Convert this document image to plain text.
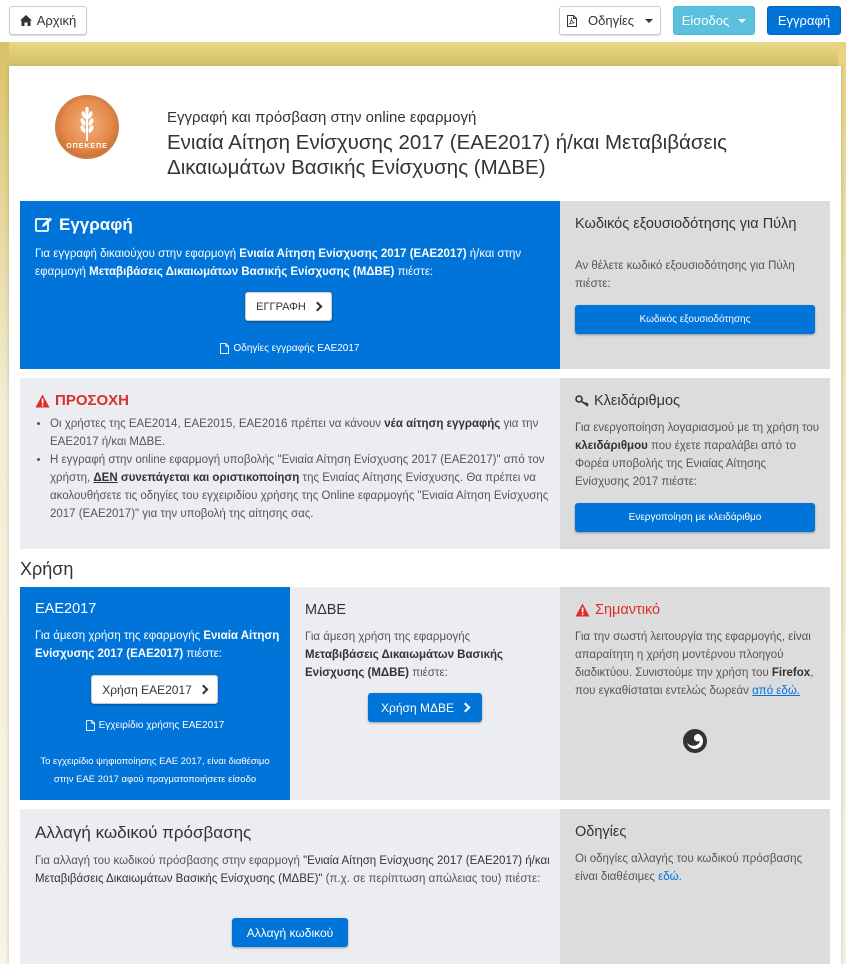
Αρχική	Οδηγίες	Είσοδος	Εγγραφή
ΟΠΕΚΕΠΕ
Εγγραφή και πρόσβαση στην online εφαρμογή
Ενιαία Αίτηση Ενίσχυσης 2017 (ΕΑΕ2017) ή/και Μεταβιβάσεις Δικαιωμάτων Βασικής Ενίσχυσης (ΜΔΒΕ)
Εγγραφή
Για εγγραφή δικαιούχου στην εφαρμογή Ενιαία Αίτηση Ενίσχυσης 2017 (ΕΑΕ2017) ή/και στην εφαρμογή Μεταβιβάσεις Δικαιωμάτων Βασικής Ενίσχυσης (ΜΔΒΕ) πιέστε:
ΕΓΓΡΑΦΗ
Οδηγίες εγγραφής ΕΑΕ2017
Κωδικός εξουσιοδότησης για Πύλη
Αν θέλετε κωδικό εξουσιοδότησης για Πύλη πιέστε:
Κωδικός εξουσιοδότησης
ΠΡΟΣΟΧΗ
• Οι χρήστες της ΕΑΕ2014, ΕΑΕ2015, ΕΑΕ2016 πρέπει να κάνουν νέα αίτηση εγγραφής για την ΕΑΕ2017 ή/και ΜΔΒΕ.
• Η εγγραφή στην online εφαρμογή υποβολής "Ενιαία Αίτηση Ενίσχυσης 2017 (ΕΑΕ2017)" από τον χρήστη, ΔΕΝ συνεπάγεται και οριστικοποίηση της Ενιαίας Αίτησης Ενίσχυσης. Θα πρέπει να ακολουθήσετε τις οδηγίες του εγχειριδίου χρήσης της Online εφαρμογής "Ενιαία Αίτηση Ενίσχυσης 2017 (ΕΑΕ2017)" για την υποβολή της αίτησης σας.
Κλειδάριθμος
Για ενεργοποίηση λογαριασμού με τη χρήση του κλειδάριθμου που έχετε παραλάβει από το Φορέα υποβολής της Ενιαίας Αίτησης Ενίσχυσης 2017 πιέστε:
Ενεργοποίηση με κλειδάριθμο
Χρήση
ΕΑΕ2017
Για άμεση χρήση της εφαρμογής Ενιαία Αίτηση Ενίσχυσης 2017 (ΕΑΕ2017) πιέστε:
Χρήση ΕΑΕ2017
Εγχειρίδιο χρήσης ΕΑΕ2017
Το εγχειρίδιο ψηφιοποίησης ΕΑΕ 2017, είναι διαθέσιμο στην ΕΑΕ 2017 αφού πραγματοποιήσετε είσοδο
ΜΔΒΕ
Για άμεση χρήση της εφαρμογής Μεταβιβάσεις Δικαιωμάτων Βασικής Ενίσχυσης (ΜΔΒΕ) πιέστε:
Χρήση ΜΔΒΕ
Σημαντικό
Για την σωστή λειτουργία της εφαρμογής, είναι απαραίτητη η χρήση μοντέρνου πλοηγού διαδικτύου. Συνιστούμε την χρήση του Firefox, που εγκαθίσταται εντελώς δωρεάν από εδώ.
Αλλαγή κωδικού πρόσβασης
Για αλλαγή του κωδικού πρόσβασης στην εφαρμογή "Ενιαία Αίτηση Ενίσχυσης 2017 (ΕΑΕ2017) ή/και Μεταβιβάσεις Δικαιωμάτων Βασικής Ενίσχυσης (ΜΔΒΕ)" (π.χ. σε περίπτωση απώλειας του) πιέστε:
Αλλαγή κωδικού
Οδηγίες
Οι οδηγίες αλλαγής του κωδικού πρόσβασης είναι διαθέσιμες εδώ.
